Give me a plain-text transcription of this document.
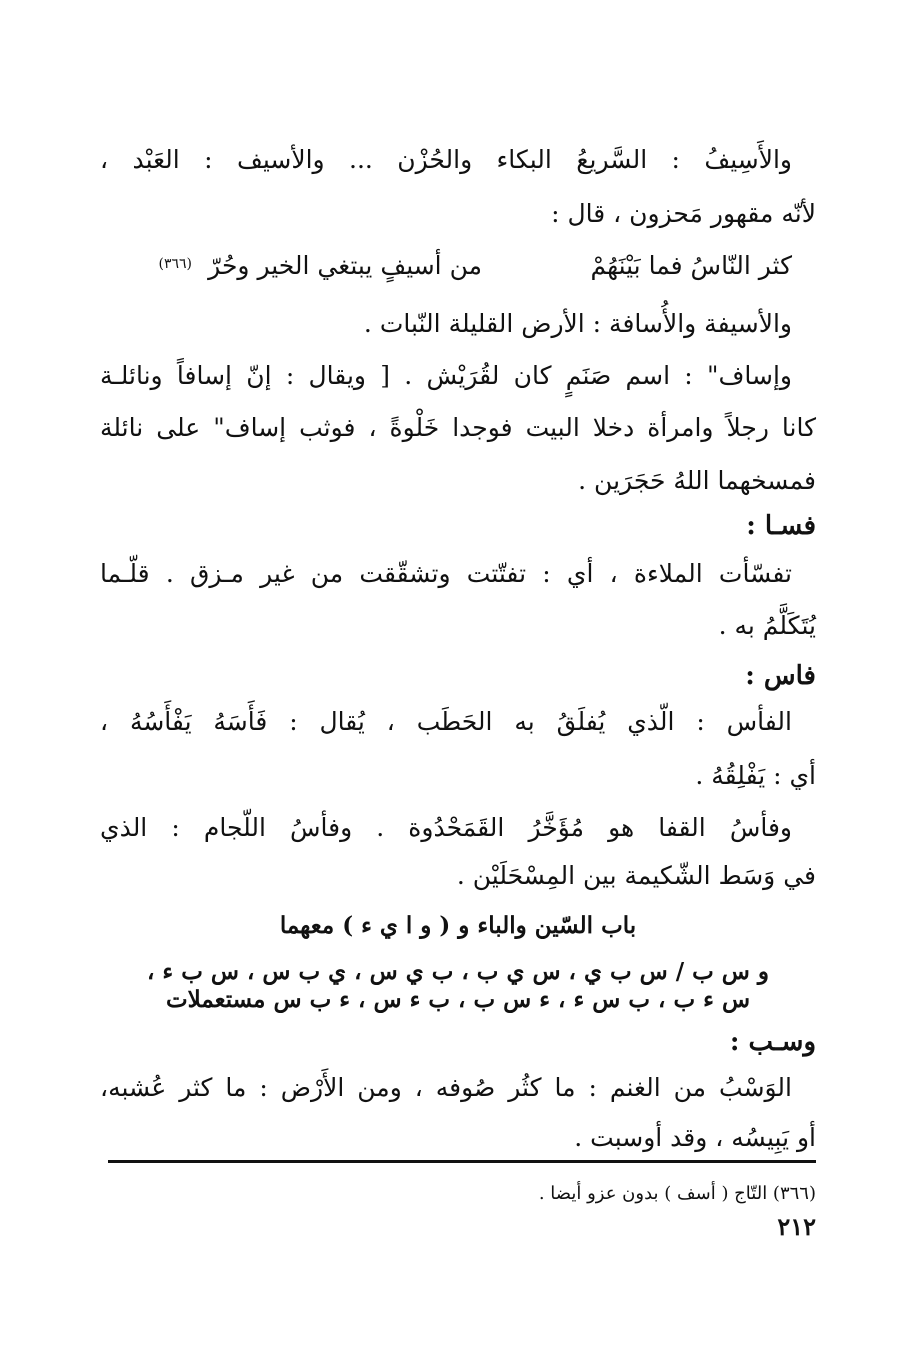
والأَسِيفُ : السَّريعُ البكاء والحُزْن ... والأسيف : العَبْد ،

لأنّه مقهور مَحزون ، قال :

كثر النّاسُ فما بَيْنَهُمْ
من أسيفٍ يبتغي الخير وحُرّ
(٣٦٦)

والأسيفة والأُسافة : الأرض القليلة النّبات .

وإساف" : اسم صَنَمٍ كان لقُرَيْش . [ ويقال : إنّ إسافاً ونائلـة

كانا رجلاً وامرأة دخلا البيت فوجدا خَلْوةً ، فوثب إساف" على نائلة

فمسخهما اللهُ حَجَرَين .

فسـا :

تفسّأت الملاءة ، أي : تفتّتت وتشقّقت من غير مـزق . قلّـما

يُتَكَلَّمُ به .

فاس :

الفأس : الّذي يُفلَقُ به الحَطَب ، يُقال : فَأَسَهُ يَفْأَسُهُ ،

أي : يَفْلِقُهُ .

وفأسُ القفا هو مُؤَخَّرُ القَمَحْدُوة . وفأسُ اللّجام : الذي

في وَسَط الشّكيمة بين المِسْحَلَيْن .

باب السّين والباء و ( و ا ي ء ) معهما

و س ب / س ب ي ، س ي ب ، ب ي س ، ي ب س ، س ب ء ،

س ء ب ، ب س ء ، ء س ب ، ب ء س ، ء ب س مستعملات

وسـب :

الوَسْبُ من الغنم : ما كثُر صُوفه ، ومن الأَرْض : ما كثر عُشبه،

أو يَبِيسُه ، وقد أوسبت .

(٣٦٦) التّاج ( أسف ) بدون عزو أيضا .

٢١٢
